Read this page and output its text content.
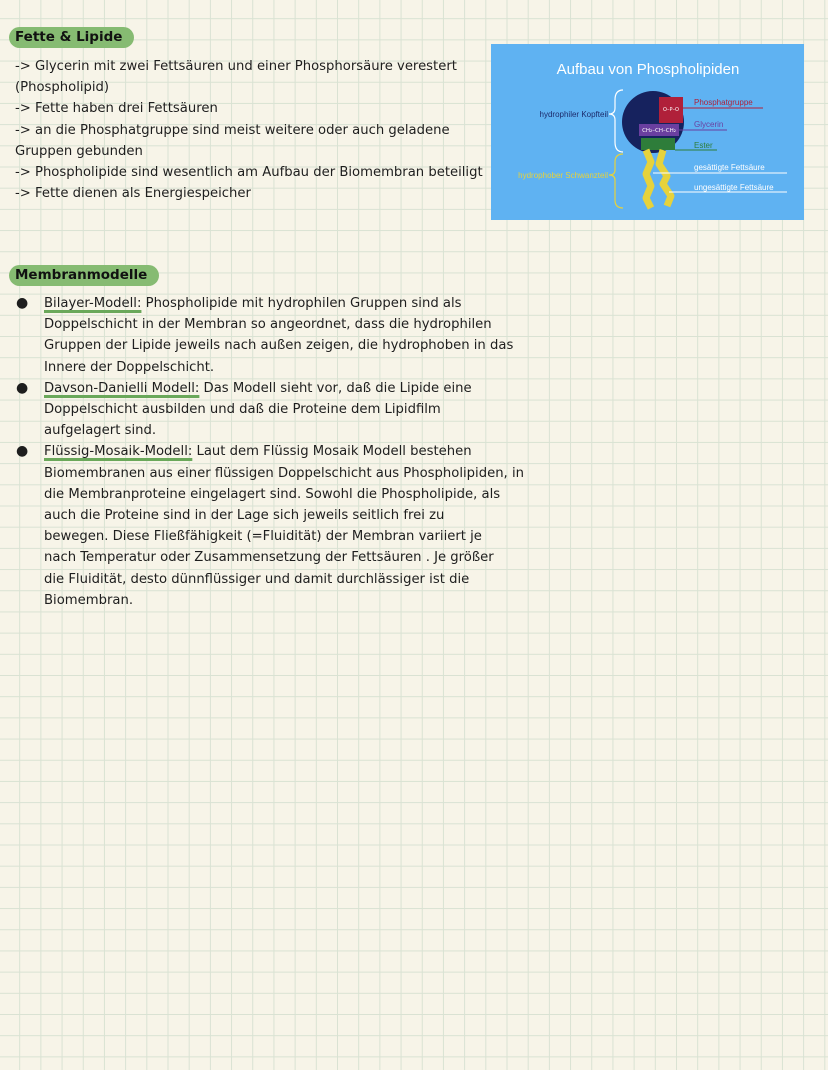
Fette & Lipide
-> Glycerin mit zwei Fettsäuren und einer Phosphorsäure verestert
(Phospholipid)
-> Fette haben drei Fettsäuren
-> an die Phosphatgruppe sind meist weitere oder auch geladene
Gruppen gebunden
-> Phospholipide sind wesentlich am Aufbau der Biomembran beteiligt
-> Fette dienen als Energiespeicher
Aufbau von Phospholipiden
O–P–O
CH₂–CH–CH₂
hydrophiler Kopfteil
hydrophober Schwanzteil
Phosphatgruppe
Glycerin
Ester
gesättigte Fettsäure
ungesättigte Fettsäure
Membranmodelle
● Bilayer-Modell: Phospholipide mit hydrophilen Gruppen sind als
Doppelschicht in der Membran so angeordnet, dass die hydrophilen
Gruppen der Lipide jeweils nach außen zeigen, die hydrophoben in das
Innere der Doppelschicht.
● Davson-Danielli Modell: Das Modell sieht vor, daß die Lipide eine
Doppelschicht ausbilden und daß die Proteine dem Lipidfilm
aufgelagert sind.
● Flüssig-Mosaik-Modell: Laut dem Flüssig Mosaik Modell bestehen
Biomembranen aus einer flüssigen Doppelschicht aus Phospholipiden, in
die Membranproteine eingelagert sind. Sowohl die Phospholipide, als
auch die Proteine sind in der Lage sich jeweils seitlich frei zu
bewegen. Diese Fließfähigkeit (=Fluidität) der Membran variiert je
nach Temperatur oder Zusammensetzung der Fettsäuren . Je größer
die Fluidität, desto dünnflüssiger und damit durchlässiger ist die
Biomembran.
